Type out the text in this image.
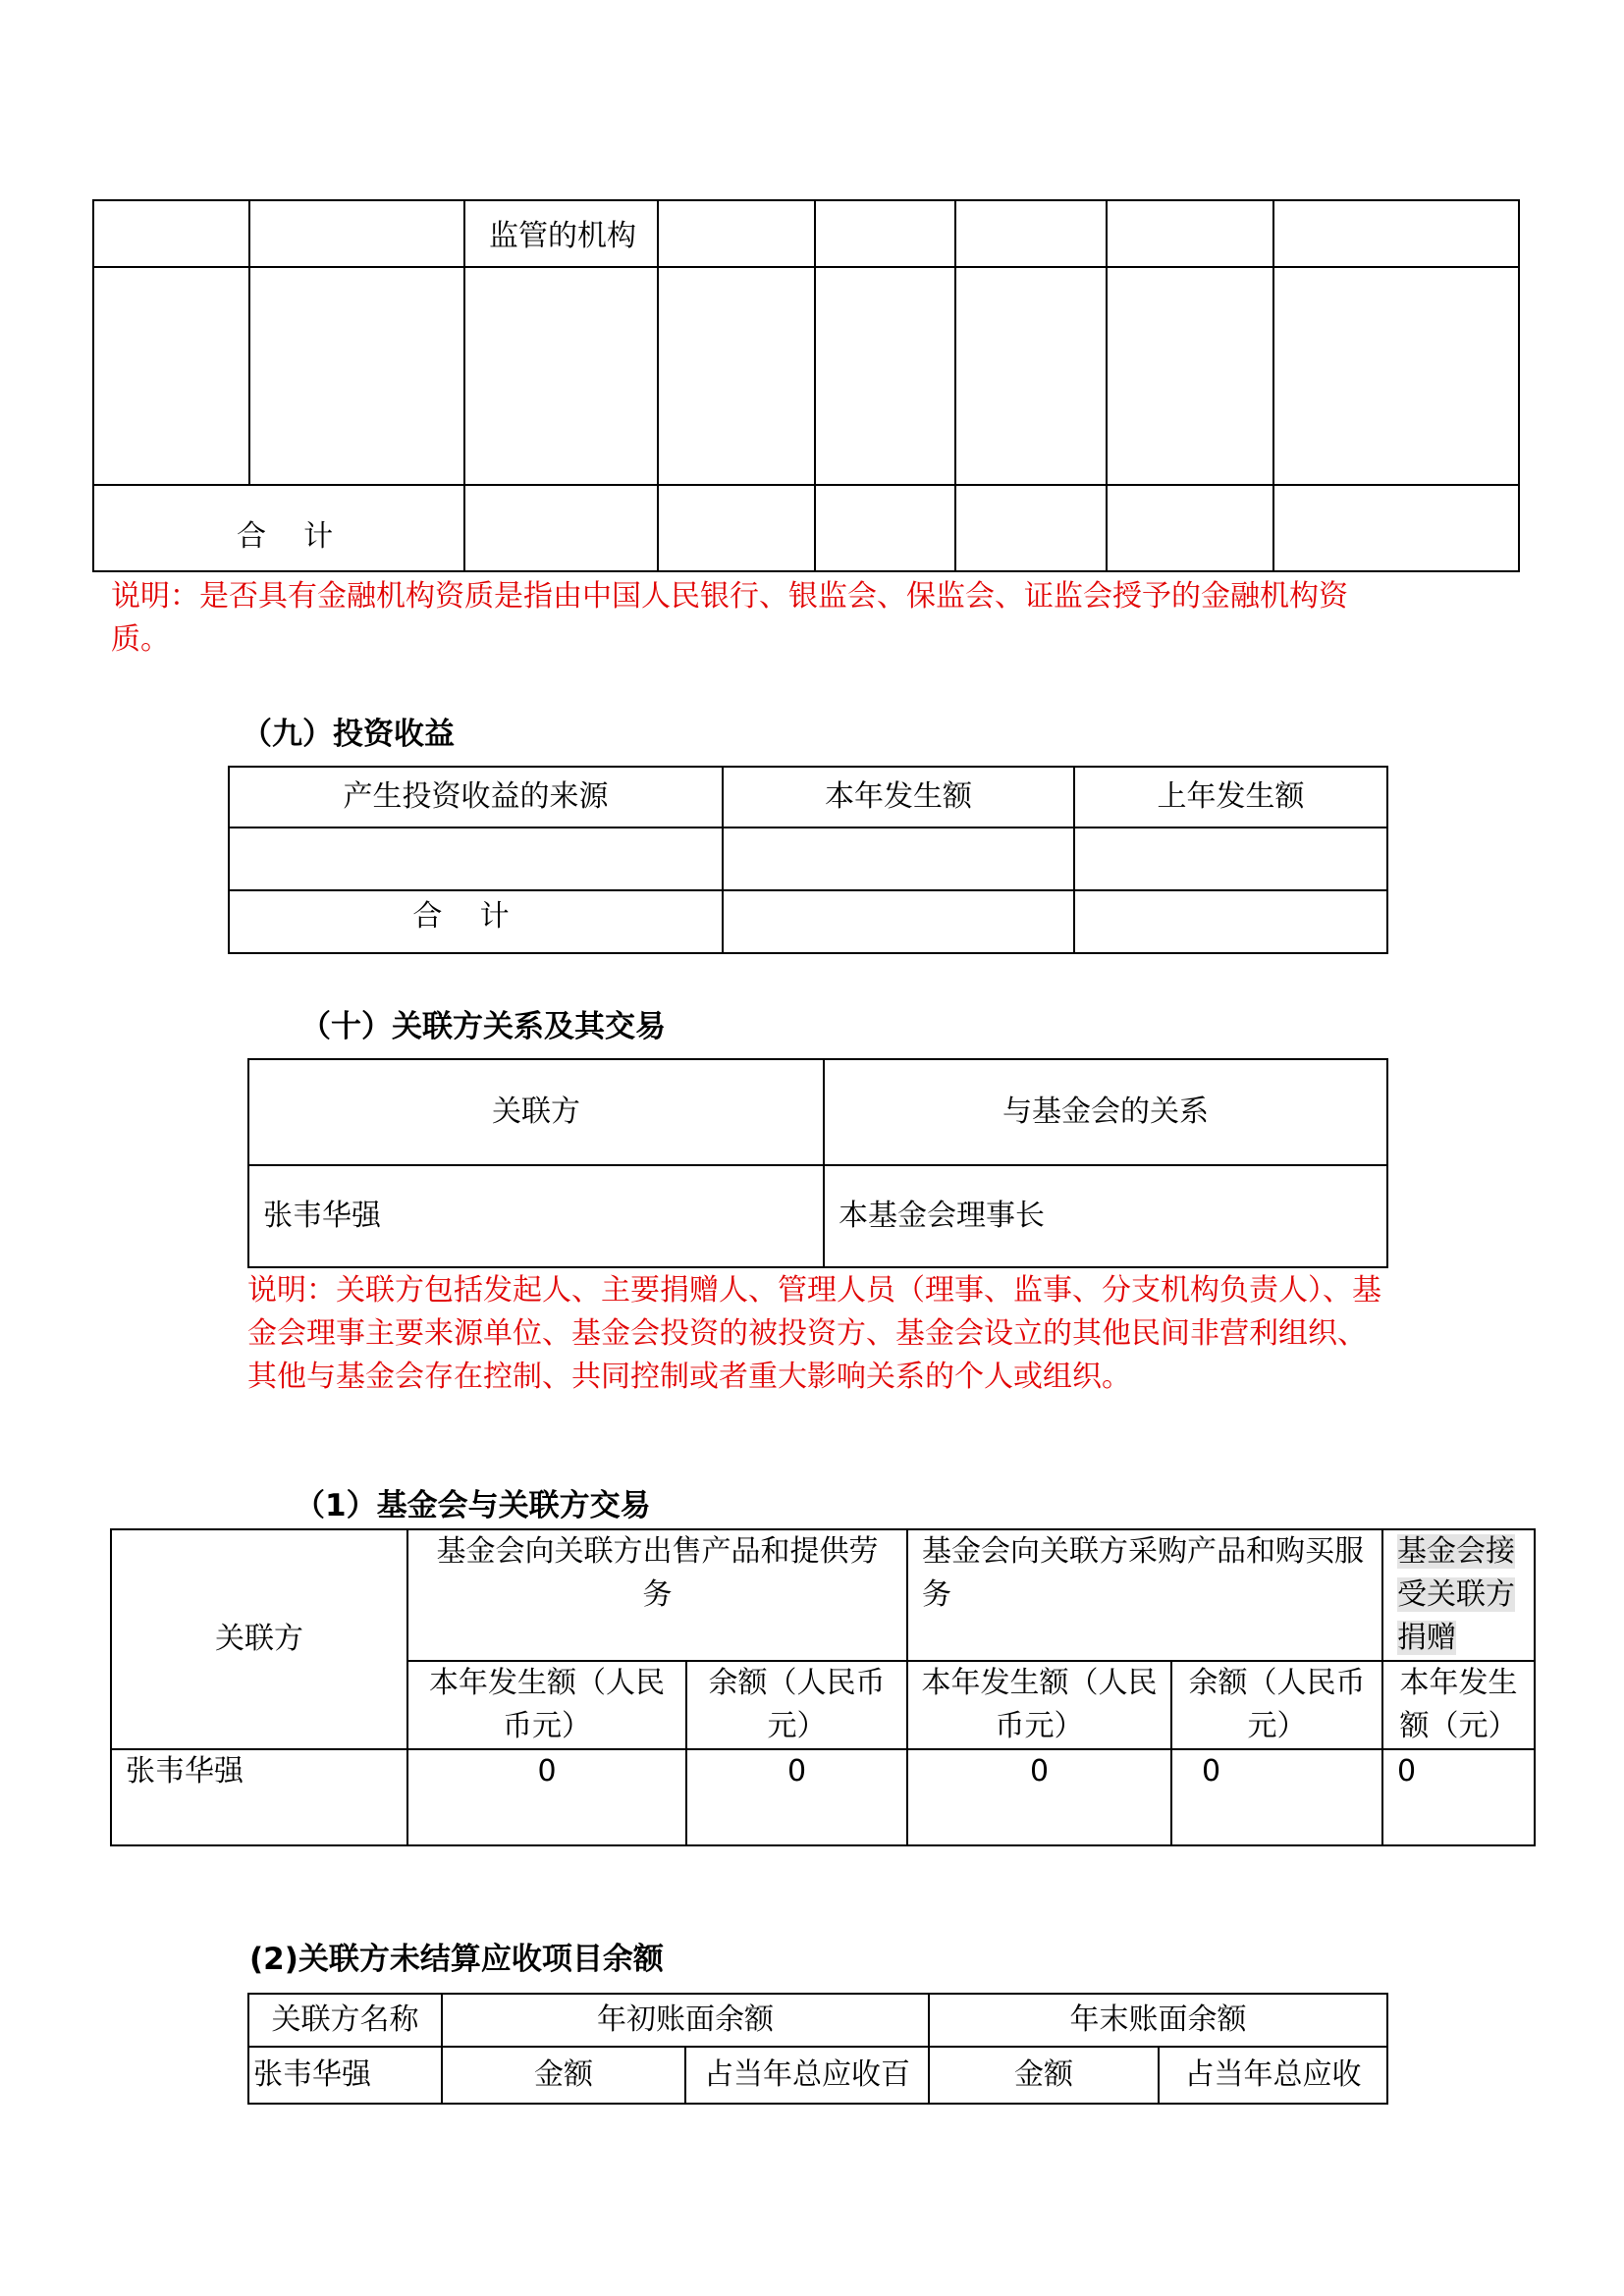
		监管的机构					

合    计							
说明：是否具有金融机构资质是指由中国人民银行、银监会、保监会、证监会授予的金融机构资质。
（九）投资收益
产生投资收益的来源	本年发生额	上年发生额

合    计		
（十）关联方关系及其交易
关联方	与基金会的关系
张韦华强	本基金会理事长
说明：关联方包括发起人、主要捐赠人、管理人员（理事、监事、分支机构负责人）、基金会理事主要来源单位、基金会投资的被投资方、基金会设立的其他民间非营利组织、其他与基金会存在控制、共同控制或者重大影响关系的个人或组织。
（1）基金会与关联方交易
关联方	基金会向关联方出售产品和提供劳务		基金会向关联方采购产品和购买服务		基金会接受关联方捐赠
	本年发生额（人民币元）	余额（人民币元）	本年发生额（人民币元）	余额（人民币元）	本年发生额（元）
张韦华强	0	0	0	0	0
(2)关联方未结算应收项目余额
关联方名称	年初账面余额		年末账面余额	
张韦华强	金额	占当年总应收百	金额	占当年总应收
